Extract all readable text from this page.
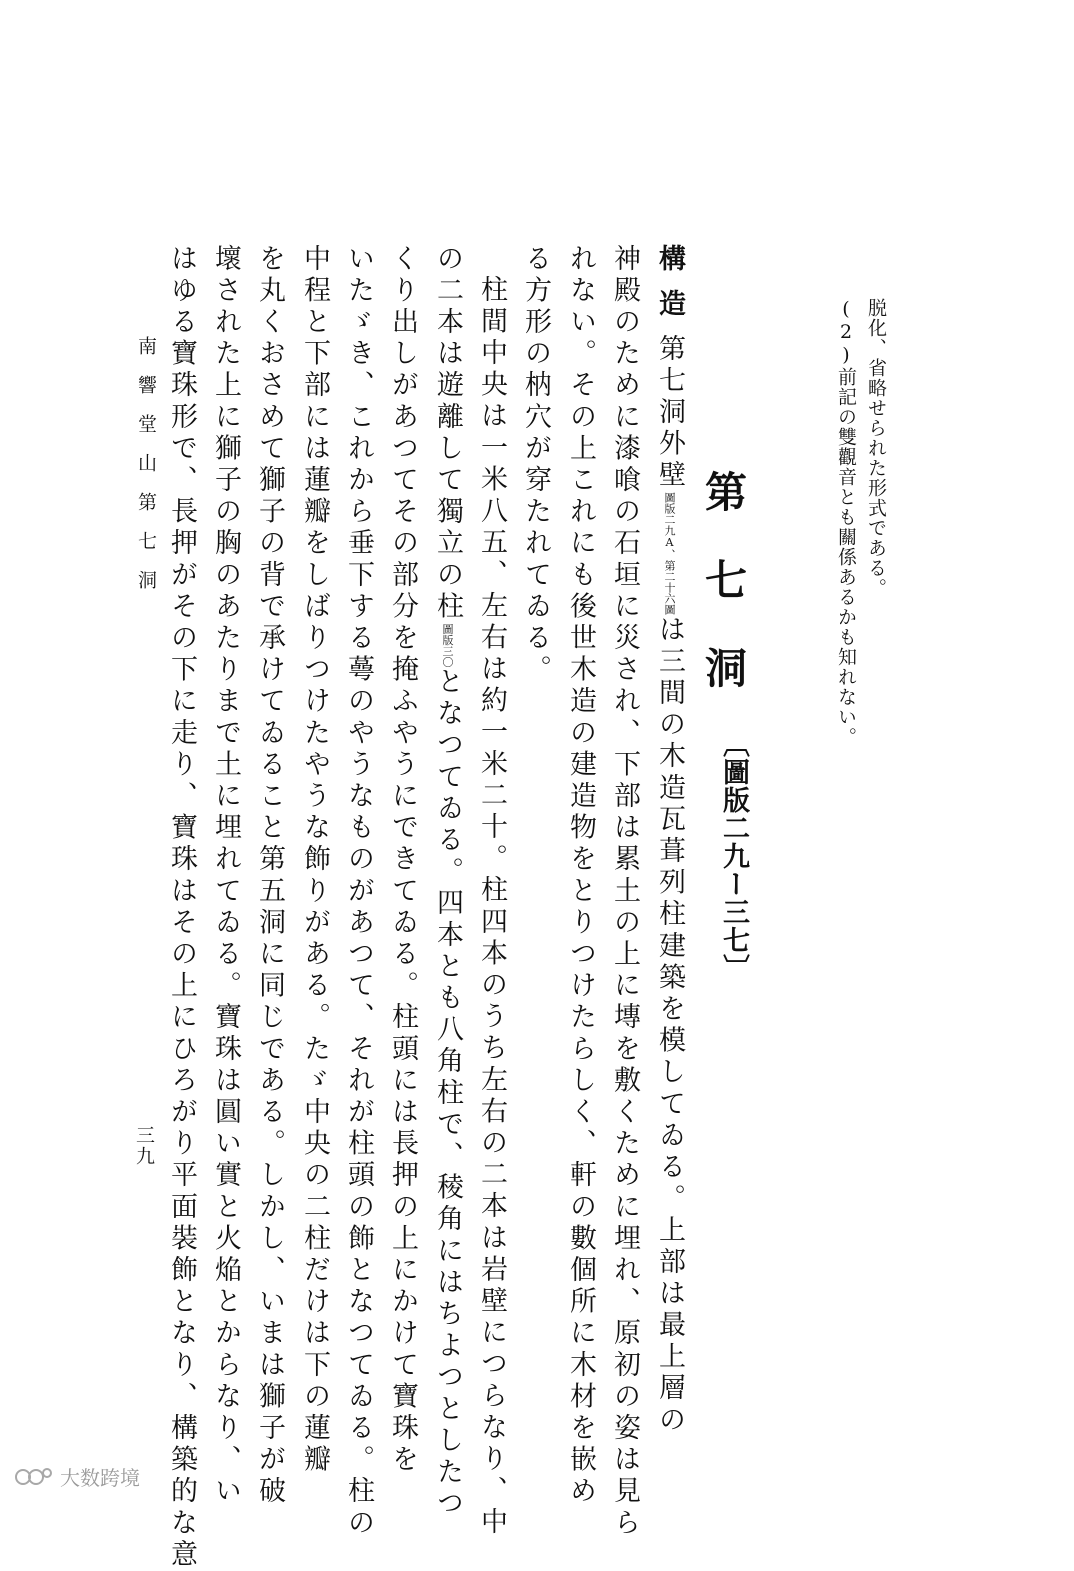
脱化、省略せられた形式である。
(2)前記の雙觀音とも關係あるかも知れない。
第七洞
〔圖版二九ー三七〕
構造第七洞外壁圖版二九A、第二十六圖は三間の木造瓦葺列柱建築を模してゐる。上部は最上層の
神殿のために漆喰の石垣に災され、下部は累土の上に塼を敷くために埋れ、原初の姿は見ら
れない。その上これにも後世木造の建造物をとりつけたらしく、軒の數個所に木材を嵌め
る方形の枘穴が穿たれてゐる。
柱間中央は一米八五、左右は約一米二十。柱四本のうち左右の二本は岩壁につらなり、中
の二本は遊離して獨立の柱圖版三〇となつてゐる。四本とも八角柱で、稜角にはちよつとしたつ
くり出しがあつてその部分を掩ふやうにできてゐる。柱頭には長押の上にかけて寶珠を
いたゞき、これから垂下する蕚のやうなものがあつて、それが柱頭の飾となつてゐる。柱の
中程と下部には蓮瓣をしばりつけたやうな飾りがある。たゞ中央の二柱だけは下の蓮瓣
を丸くおさめて獅子の背で承けてゐること第五洞に同じである。しかし、いまは獅子が破
壞された上に獅子の胸のあたりまで土に埋れてゐる。寶珠は圓い實と火焔とからなり、い
はゆる寶珠形で、長押がその下に走り、寶珠はその上にひろがり平面裝飾となり、構築的な意
南響堂山第七洞
三九
大数跨境
